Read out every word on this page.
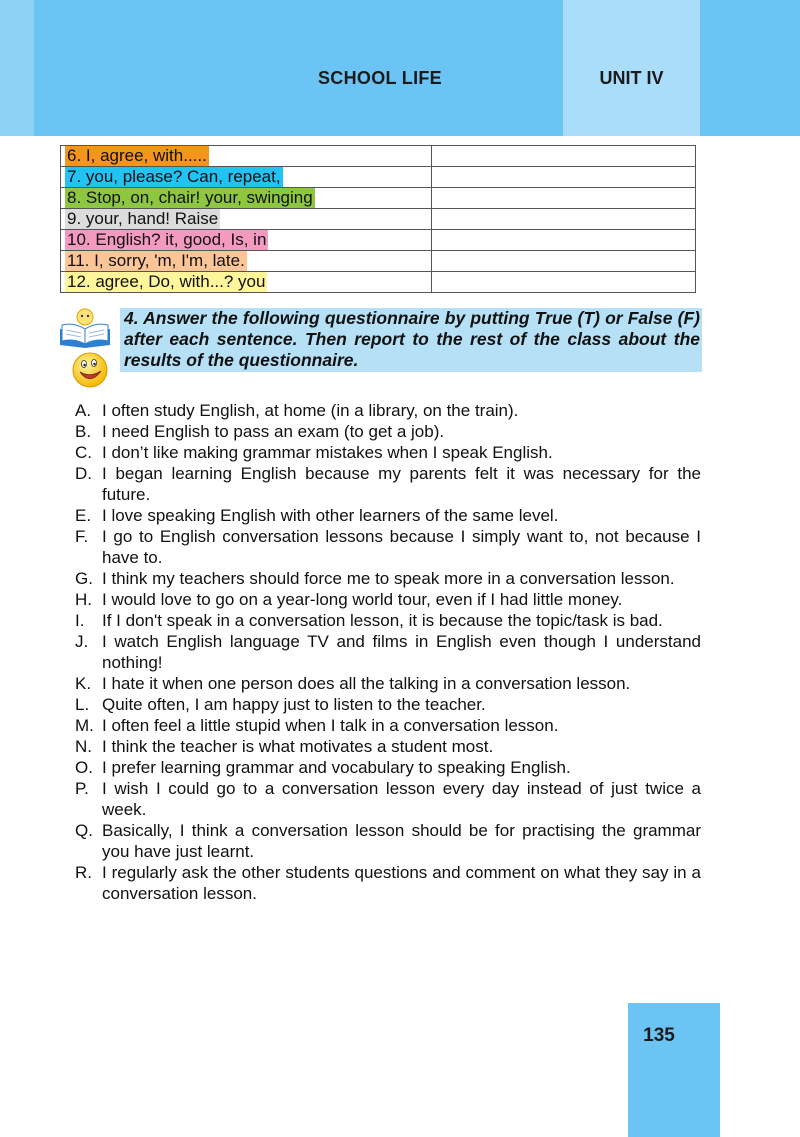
SCHOOL LIFE	UNIT IV
6. I, agree, with.....	
7. you, please? Can, repeat,	
8. Stop, on, chair! your, swinging	
9. your, hand! Raise	
10. English? it, good, Is, in	
11. I, sorry, 'm, I'm, late.	
12. agree, Do, with...? you	
4. Answer the following questionnaire by putting True (T) or False (F) after each sentence. Then report to the rest of the class about the results of the questionnaire.
A. I often study English, at home (in a library, on the train).
B. I need English to pass an exam (to get a job).
C. I don’t like making grammar mistakes when I speak English.
D. I began learning English because my parents felt it was necessary for the future.
E. I love speaking English with other learners of the same level.
F. I go to English conversation lessons because I simply want to, not because I have to.
G. I think my teachers should force me to speak more in a conversation lesson.
H. I would love to go on a year-long world tour, even if I had little money.
I. If I don't speak in a conversation lesson, it is because the topic/task is bad.
J. I watch English language TV and films in English even though I understand nothing!
K. I hate it when one person does all the talking in a conversation lesson.
L. Quite often, I am happy just to listen to the teacher.
M. I often feel a little stupid when I talk in a conversation lesson.
N. I think the teacher is what motivates a student most.
O. I prefer learning grammar and vocabulary to speaking English.
P. I wish I could go to a conversation lesson every day instead of just twice a week.
Q. Basically, I think a conversation lesson should be for practising the grammar you have just learnt.
R. I regularly ask the other students questions and comment on what they say in a conversation lesson.
135
